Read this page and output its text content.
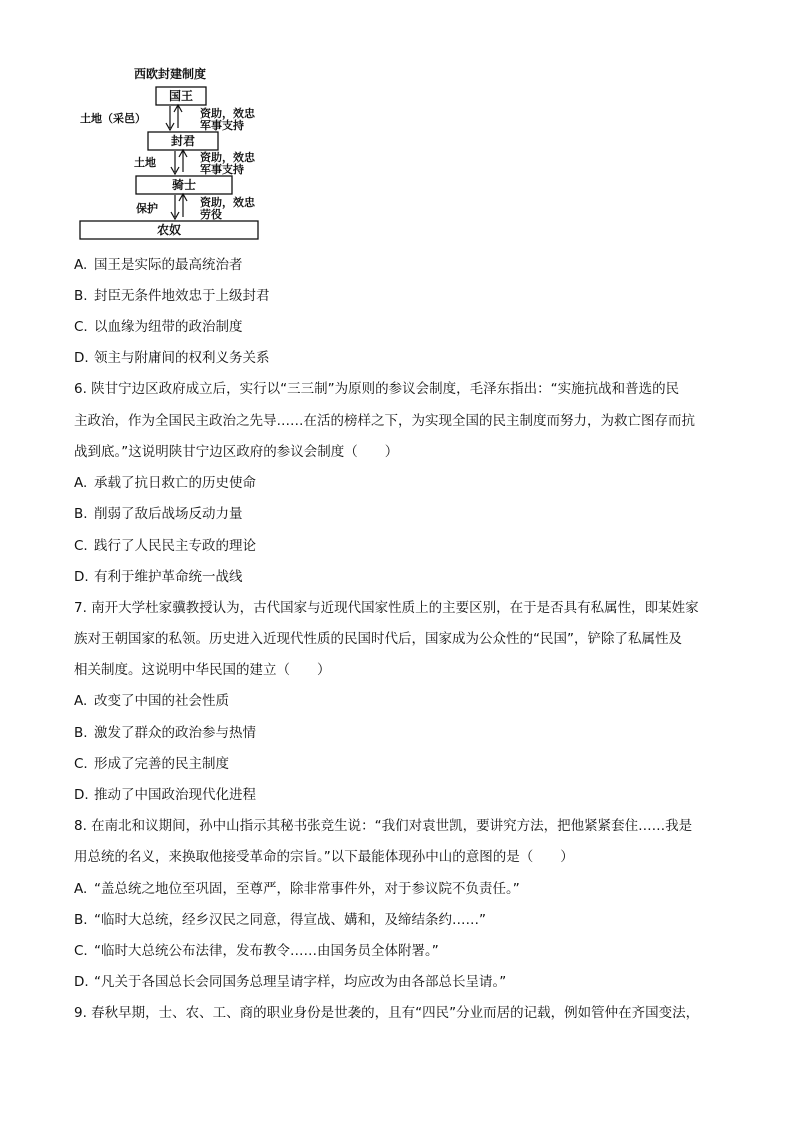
西欧封建制度
国王
封君
骑士
农奴
土地（采邑）
土地
保护
资助，效忠
军事支持
资助，效忠
军事支持
资助，效忠
劳役
A. 国王是实际的最高统治者
B. 封臣无条件地效忠于上级封君
C. 以血缘为纽带的政治制度
D. 领主与附庸间的权利义务关系
6. 陕甘宁边区政府成立后，实行以“三三制”为原则的参议会制度，毛泽东指出：“实施抗战和普选的民
主政治，作为全国民主政治之先导……在活的榜样之下，为实现全国的民主制度而努力，为救亡图存而抗
战到底。”这说明陕甘宁边区政府的参议会制度（　　）
A. 承载了抗日救亡的历史使命
B. 削弱了敌后战场反动力量
C. 践行了人民民主专政的理论
D. 有利于维护革命统一战线
7. 南开大学杜家骥教授认为，古代国家与近现代国家性质上的主要区别，在于是否具有私属性，即某姓家
族对王朝国家的私领。历史进入近现代性质的民国时代后，国家成为公众性的“民国”，铲除了私属性及
相关制度。这说明中华民国的建立（　　）
A. 改变了中国的社会性质
B. 激发了群众的政治参与热情
C. 形成了完善的民主制度
D. 推动了中国政治现代化进程
8. 在南北和议期间，孙中山指示其秘书张竞生说：“我们对袁世凯，要讲究方法，把他紧紧套住……我是
用总统的名义，来换取他接受革命的宗旨。”以下最能体现孙中山的意图的是（　　）
A. “盖总统之地位至巩固，至尊严，除非常事件外，对于参议院不负责任。”
B. “临时大总统，经乡汉民之同意，得宣战、媾和，及缔结条约……”
C. “临时大总统公布法律，发布教令……由国务员全体附署。”
D. “凡关于各国总长会同国务总理呈请字样，均应改为由各部总长呈请。”
9. 春秋早期，士、农、工、商的职业身份是世袭的，且有“四民”分业而居的记载，例如管仲在齐国变法，
